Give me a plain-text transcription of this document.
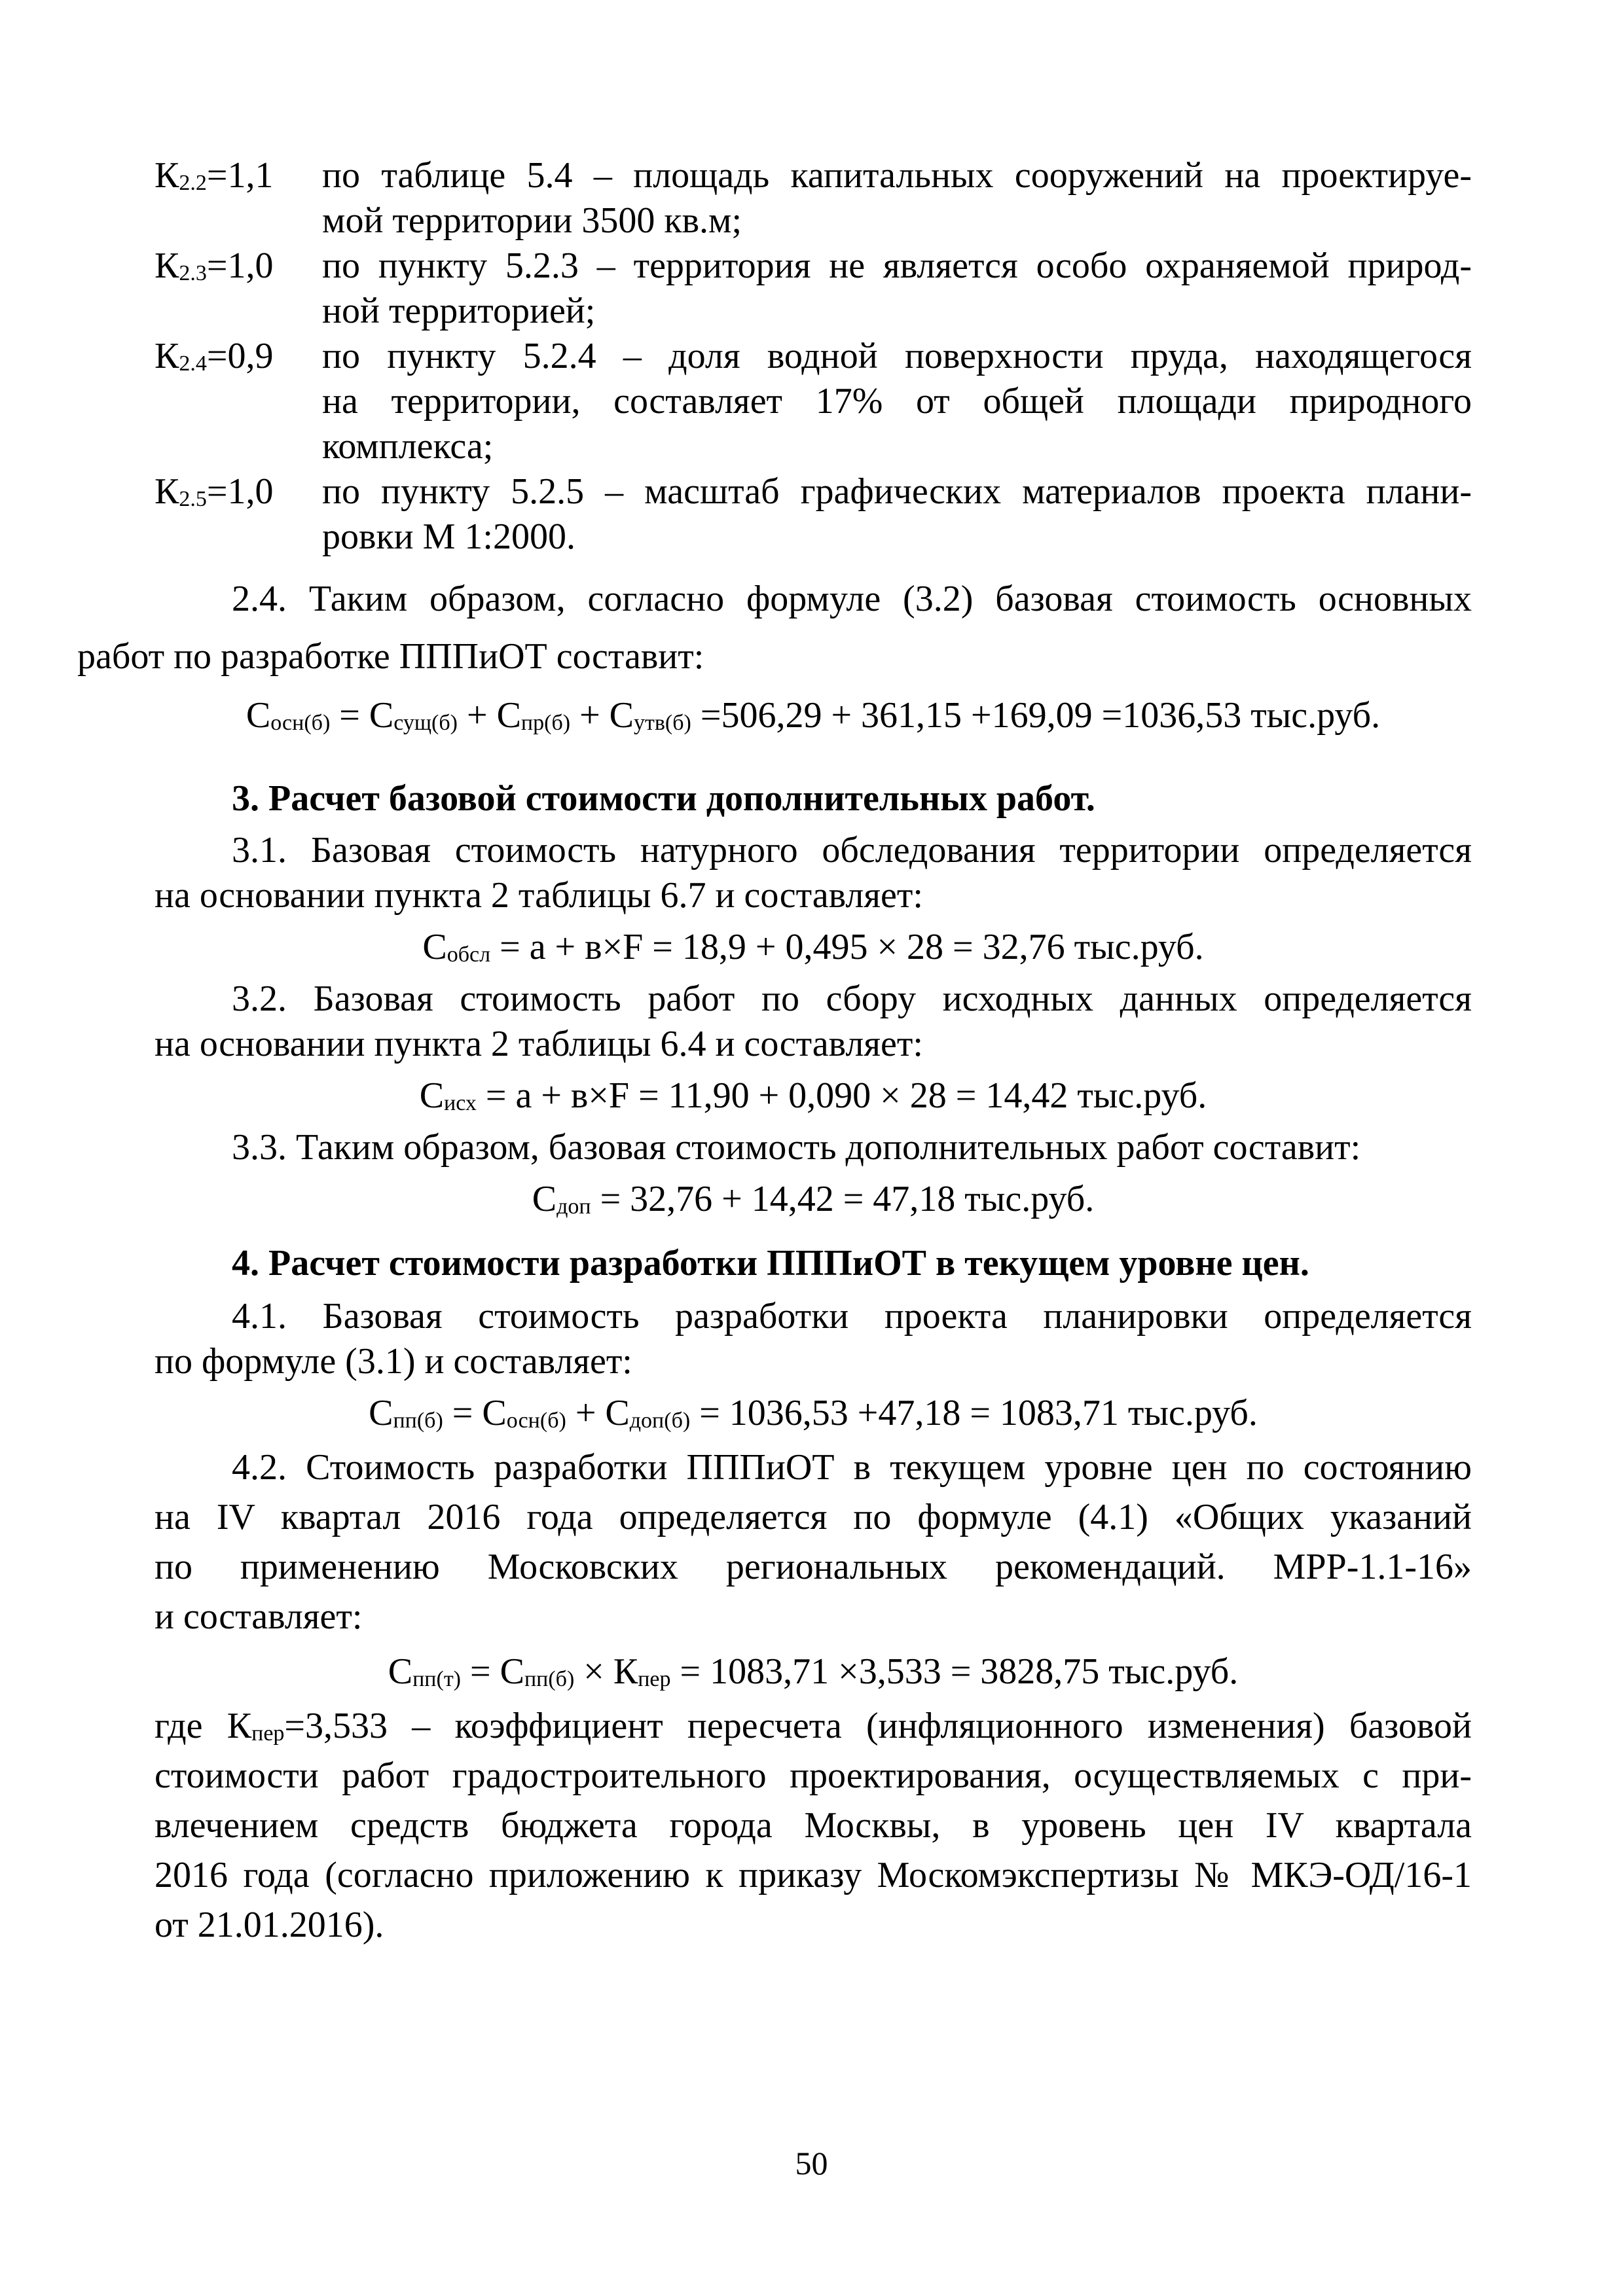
$К_{2.2}=1,1$	по таблице 5.4 – площадь капитальных сооружений на проектируе-
мой территории 3500 кв.м;
$К_{2.3}=1,0$	по пункту 5.2.3 – территория не является особо охраняемой природ-
ной территорией;
$К_{2.4}=0,9$	по пункту 5.2.4 – доля водной поверхности пруда, находящегося
на территории, составляет 17% от общей площади природного
комплекса;
$К_{2.5}=1,0$	по пункту 5.2.5 – масштаб графических материалов проекта плани-
ровки М 1:2000.

2.4. Таким образом, согласно формуле (3.2) базовая стоимость основных
работ по разработке ПППиОТ составит:

$С_{осн(б)} = С_{сущ(б)} + С_{пр(б)} + С_{утв(б)} =506,29 + 361,15 +169,09 =1036,53$ тыс.руб.

3. Расчет базовой стоимости дополнительных работ.

3.1. Базовая стоимость натурного обследования территории определяется
на основании пункта 2 таблицы 6.7 и составляет:

$С_{обсл} = а + в\times F = 18,9 + 0,495 \times 28 = 32,76$ тыс.руб.

3.2. Базовая стоимость работ по сбору исходных данных определяется
на основании пункта 2 таблицы 6.4 и составляет:

$С_{исх} = а + в\times F = 11,90 + 0,090 \times 28 = 14,42$ тыс.руб.

3.3. Таким образом, базовая стоимость дополнительных работ составит:

$С_{доп} = 32,76 + 14,42 = 47,18$ тыс.руб.

4. Расчет стоимости разработки ПППиОТ в текущем уровне цен.

4.1. Базовая стоимость разработки проекта планировки определяется
по формуле (3.1) и составляет:

$С_{пп(б)} = С_{осн(б)} + С_{доп(б)} = 1036,53 +47,18 = 1083,71$ тыс.руб.

4.2. Стоимость разработки ПППиОТ в текущем уровне цен по состоянию
на IV квартал 2016 года определяется по формуле (4.1) «Общих указаний
по применению Московских региональных рекомендаций. МРР-1.1-16»
и составляет:

$С_{пп(т)} = С_{пп(б)} \times К_{пер} = 1083,71 \times 3,533 = 3828,75$ тыс.руб.

где $К_{пер}=3,533$ – коэффициент пересчета (инфляционного изменения) базовой
стоимости работ градостроительного проектирования, осуществляемых с при-
влечением средств бюджета города Москвы, в уровень цен IV квартала
2016 года (согласно приложению к приказу Москомэкспертизы № МКЭ-ОД/16-1
от 21.01.2016).

50
